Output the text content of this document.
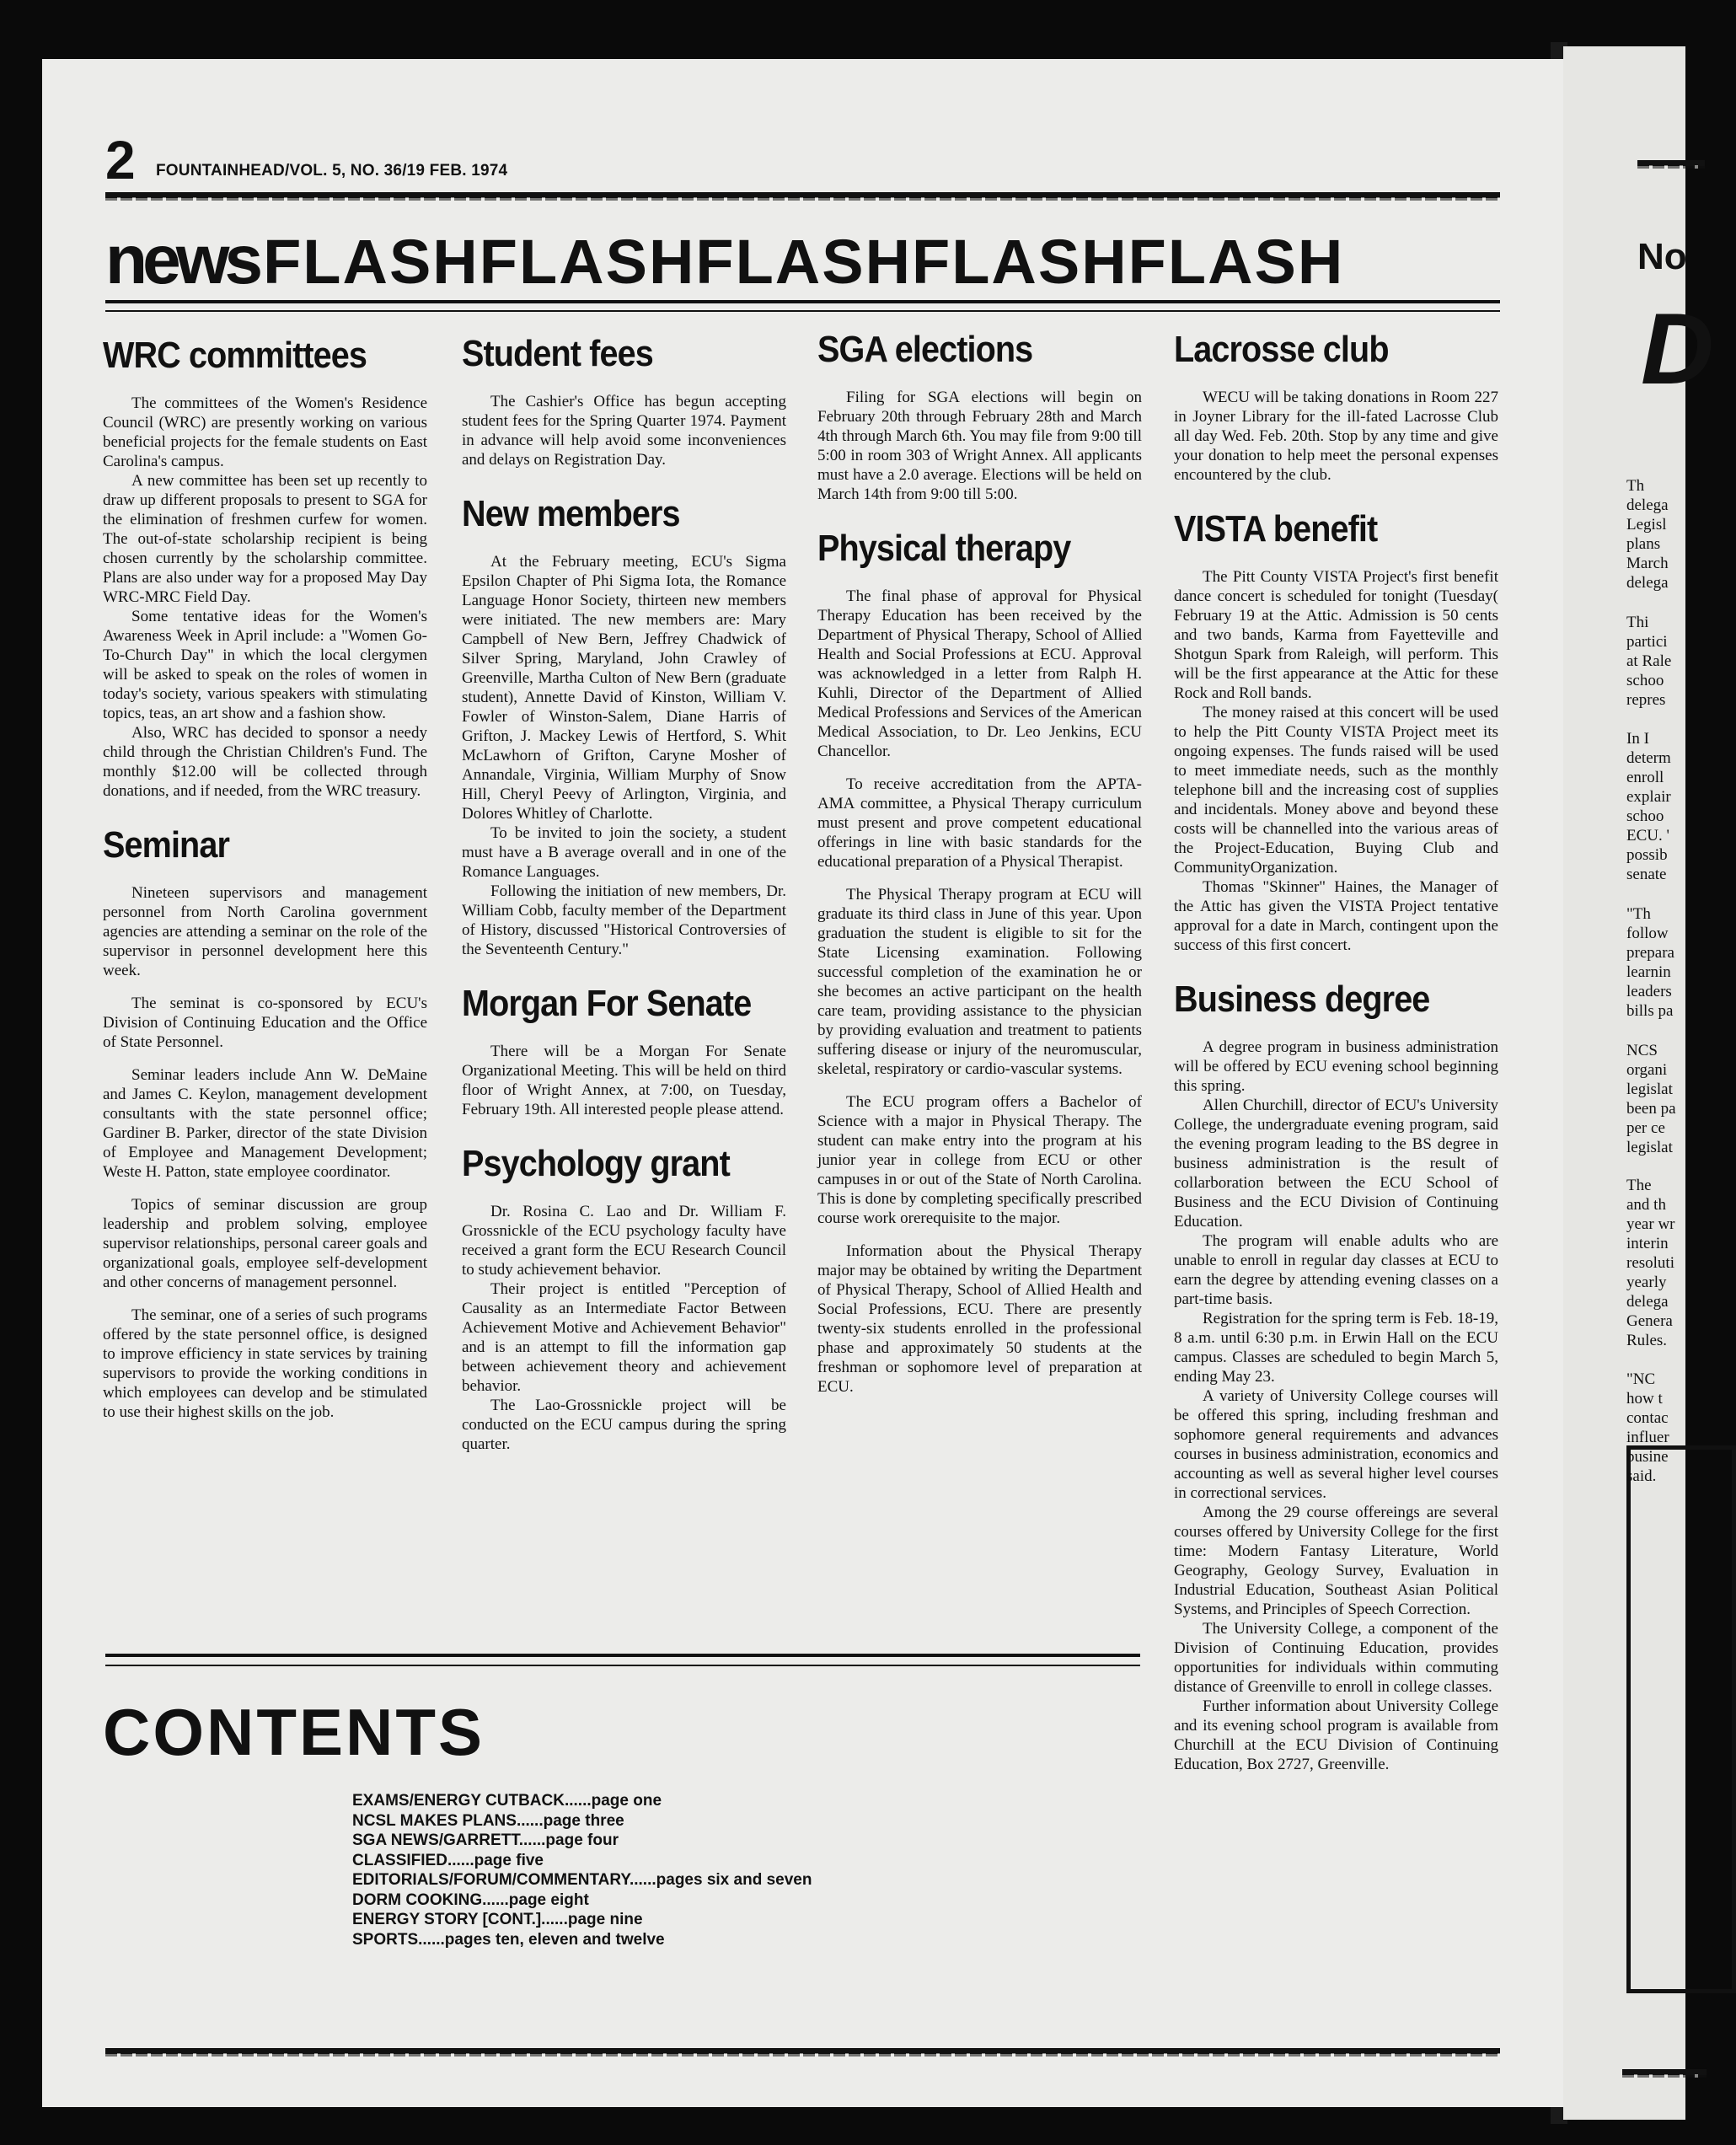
2 FOUNTAINHEAD/VOL. 5, NO. 36/19 FEB. 1974
newsFLASHFLASHFLASHFLASHFLASH
WRC committees

The committees of the Women's Residence Council (WRC) are presently working on various beneficial projects for the female students on East Carolina's campus.

A new committee has been set up recently to draw up different proposals to present to SGA for the elimination of freshmen curfew for women. The out-of-state scholarship recipient is being chosen currently by the scholarship committee. Plans are also under way for a proposed May Day WRC-MRC Field Day.

Some tentative ideas for the Women's Awareness Week in April include: a "Women Go-To-Church Day" in which the local clergymen will be asked to speak on the roles of women in today's society, various speakers with stimulating topics, teas, an art show and a fashion show.

Also, WRC has decided to sponsor a needy child through the Christian Children's Fund. The monthly $12.00 will be collected through donations, and if needed, from the WRC treasury.

Seminar

Nineteen supervisors and management personnel from North Carolina government agencies are attending a seminar on the role of the supervisor in personnel development here this week.

The seminat is co-sponsored by ECU's Division of Continuing Education and the Office of State Personnel.

Seminar leaders include Ann W. DeMaine and James C. Keylon, management development consultants with the state personnel office; Gardiner B. Parker, director of the state Division of Employee and Management Development; Weste H. Patton, state employee coordinator.

Topics of seminar discussion are group leadership and problem solving, employee supervisor relationships, personal career goals and organizational goals, employee self-development and other concerns of management personnel.

The seminar, one of a series of such programs offered by the state personnel office, is designed to improve efficiency in state services by training supervisors to provide the working conditions in which employees can develop and be stimulated to use their highest skills on the job.

Student fees

The Cashier's Office has begun accepting student fees for the Spring Quarter 1974. Payment in advance will help avoid some inconveniences and delays on Registration Day.

New members

At the February meeting, ECU's Sigma Epsilon Chapter of Phi Sigma Iota, the Romance Language Honor Society, thirteen new members were initiated. The new members are: Mary Campbell of New Bern, Jeffrey Chadwick of Silver Spring, Maryland, John Crawley of Greenville, Martha Culton of New Bern (graduate student), Annette David of Kinston, William V. Fowler of Winston-Salem, Diane Harris of Grifton, J. Mackey Lewis of Hertford, S. Whit McLawhorn of Grifton, Caryne Mosher of Annandale, Virginia, William Murphy of Snow Hill, Cheryl Peevy of Arlington, Virginia, and Dolores Whitley of Charlotte.

To be invited to join the society, a student must have a B average overall and in one of the Romance Languages.

Following the initiation of new members, Dr. William Cobb, faculty member of the Department of History, discussed "Historical Controversies of the Seventeenth Century."

Morgan For Senate

There will be a Morgan For Senate Organizational Meeting. This will be held on third floor of Wright Annex, at 7:00, on Tuesday, February 19th. All interested people please attend.

Psychology grant

Dr. Rosina C. Lao and Dr. William F. Grossnickle of the ECU psychology faculty have received a grant form the ECU Research Council to study achievement behavior.

Their project is entitled "Perception of Causality as an Intermediate Factor Between Achievement Motive and Achievement Behavior" and is an attempt to fill the information gap between achievement theory and achievement behavior.

The Lao-Grossnickle project will be conducted on the ECU campus during the spring quarter.

SGA elections

Filing for SGA elections will begin on February 20th through February 28th and March 4th through March 6th. You may file from 9:00 till 5:00 in room 303 of Wright Annex. All applicants must have a 2.0 average. Elections will be held on March 14th from 9:00 till 5:00.

Physical therapy

The final phase of approval for Physical Therapy Education has been received by the Department of Physical Therapy, School of Allied Health and Social Professions at ECU. Approval was acknowledged in a letter from Ralph H. Kuhli, Director of the Department of Allied Medical Professions and Services of the American Medical Association, to Dr. Leo Jenkins, ECU Chancellor.

To receive accreditation from the APTA-AMA committee, a Physical Therapy curriculum must present and prove competent educational offerings in line with basic standards for the educational preparation of a Physical Therapist.

The Physical Therapy program at ECU will graduate its third class in June of this year. Upon graduation the student is eligible to sit for the State Licensing examination. Following successful completion of the examination he or she becomes an active participant on the health care team, providing assistance to the physician by providing evaluation and treatment to patients suffering disease or injury of the neuromuscular, skeletal, respiratory or cardio-vascular systems.

The ECU program offers a Bachelor of Science with a major in Physical Therapy. The student can make entry into the program at his junior year in college from ECU or other campuses in or out of the State of North Carolina. This is done by completing specifically prescribed course work orerequisite to the major.

Information about the Physical Therapy major may be obtained by writing the Department of Physical Therapy, School of Allied Health and Social Professions, ECU. There are presently twenty-six students enrolled in the professional phase and approximately 50 students at the freshman or sophomore level of preparation at ECU.

Lacrosse club

WECU will be taking donations in Room 227 in Joyner Library for the ill-fated Lacrosse Club all day Wed. Feb. 20th. Stop by any time and give your donation to help meet the personal expenses encountered by the club.

VISTA benefit

The Pitt County VISTA Project's first benefit dance concert is scheduled for tonight (Tuesday( February 19 at the Attic. Admission is 50 cents and two bands, Karma from Fayetteville and Shotgun Spark from Raleigh, will perform. This will be the first appearance at the Attic for these Rock and Roll bands.

The money raised at this concert will be used to help the Pitt County VISTA Project meet its ongoing expenses. The funds raised will be used to meet immediate needs, such as the monthly telephone bill and the increasing cost of supplies and incidentals. Money above and beyond these costs will be channelled into the various areas of the Project-Education, Buying Club and CommunityOrganization.

Thomas "Skinner" Haines, the Manager of the Attic has given the VISTA Project tentative approval for a date in March, contingent upon the success of this first concert.

Business degree

A degree program in business administration will be offered by ECU evening school beginning this spring.

Allen Churchill, director of ECU's University College, the undergraduate evening program, said the evening program leading to the BS degree in business administration is the result of collarboration between the ECU School of Business and the ECU Division of Continuing Education.

The program will enable adults who are unable to enroll in regular day classes at ECU to earn the degree by attending evening classes on a part-time basis.

Registration for the spring term is Feb. 18-19, 8 a.m. until 6:30 p.m. in Erwin Hall on the ECU campus. Classes are scheduled to begin March 5, ending May 23.

A variety of University College courses will be offered this spring, including freshman and sophomore general requirements and advances courses in business administration, economics and accounting as well as several higher level courses in correctional services.

Among the 29 course offereings are several courses offered by University College for the first time: Modern Fantasy Literature, World Geography, Geology Survey, Evaluation in Industrial Education, Southeast Asian Political Systems, and Principles of Speech Correction.

The University College, a component of the Division of Continuing Education, provides opportunities for individuals within commuting distance of Greenville to enroll in college classes.

Further information about University College and its evening school program is available from Churchill at the ECU Division of Continuing Education, Box 2727, Greenville.

CONTENTS
EXAMS/ENERGY CUTBACK......page one
NCSL MAKES PLANS......page three
SGA NEWS/GARRETT......page four
CLASSIFIED......page five
EDITORIALS/FORUM/COMMENTARY......pages six and seven
DORM COOKING......page eight
ENERGY STORY [CONT.]......page nine
SPORTS......pages ten, eleven and twelve
No
D
Th
delega
Legisl
plans
March
delega
Thi
partici
at Rale
schoo
repres
In I
determ
enroll
explair
schoo
ECU. '
possib
senate
"Th
follow
prepara
learnin
leaders
bills pa
NCS
organi
legislat
been pa
per ce
legislat
The
and th
year wr
interin
resoluti
yearly
delega
Genera
Rules.
"NC
how t
contac
influer
busine
said.
